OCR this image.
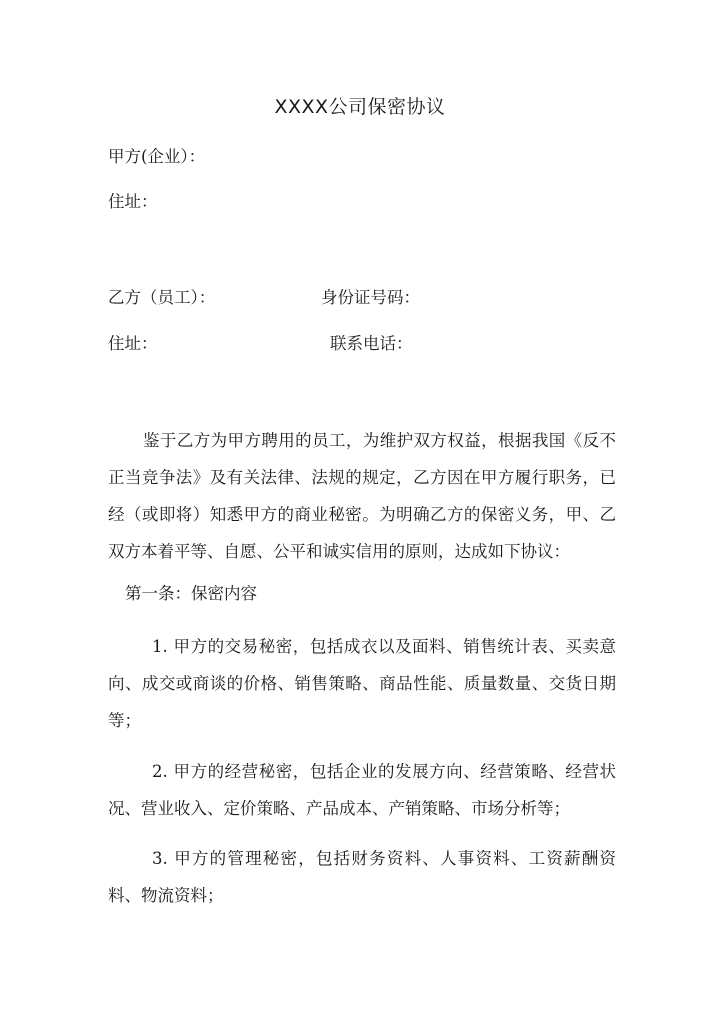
XXXX公司保密协议
甲方(企业）：
住址：
乙方（员工）：	身份证号码：
住址：	联系电话：
鉴于乙方为甲方聘用的员工，为维护双方权益，根据我国《反不正当竞争法》及有关法律、法规的规定，乙方因在甲方履行职务，已经（或即将）知悉甲方的商业秘密。为明确乙方的保密义务，甲、乙双方本着平等、自愿、公平和诚实信用的原则，达成如下协议：
第一条：保密内容
1. 甲方的交易秘密，包括成衣以及面料、销售统计表、买卖意向、成交或商谈的价格、销售策略、商品性能、质量数量、交货日期等；
2. 甲方的经营秘密，包括企业的发展方向、经营策略、经营状况、营业收入、定价策略、产品成本、产销策略、市场分析等；
3. 甲方的管理秘密，包括财务资料、人事资料、工资薪酬资料、物流资料；
